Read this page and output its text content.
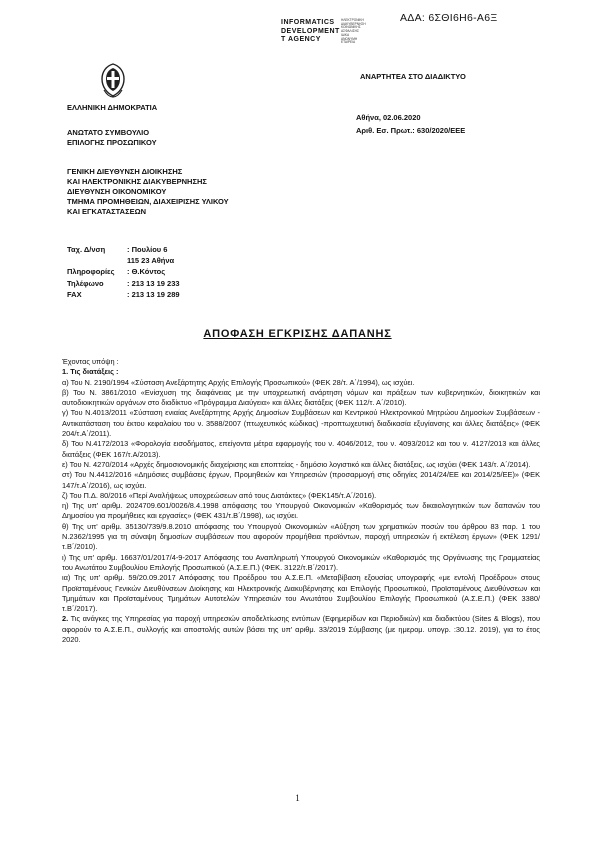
ΑΔΑ: 6ΣΘΙ6Η6-Α6Ξ
INFORMATICS
DEVELOPMENT
T AGENCY
ΗΛΕΚΤΡΟΝΙΚΗ
ΔΙΑΚΥΒΕΡΝΗΣΗ
ΚΟΙΝΩΝΙΚΗΣ
ΑΣΦΑΛΙΣΗΣ
ΙΔΙΚΑ
ΑΝΩΝΥΜΗ
ΕΤΑΙΡΕΙΑ
ΕΛΛΗΝΙΚΗ ΔΗΜΟΚΡΑΤΙΑ
ΑΝΑΡΤΗΤΕΑ ΣΤΟ ΔΙΑΔΙΚΤΥΟ
Αθήνα, 02.06.2020
Αριθ. Εσ. Πρωτ.: 630/2020/ΕΕΕ
ΑΝΩΤΑΤΟ ΣΥΜΒΟΥΛΙΟ
ΕΠΙΛΟΓΗΣ ΠΡΟΣΩΠΙΚΟΥ
ΓΕΝΙΚΗ ΔΙΕΥΘΥΝΣΗ ΔΙΟΙΚΗΣΗΣ
ΚΑΙ ΗΛΕΚΤΡΟΝΙΚΗΣ ΔΙΑΚΥΒΕΡΝΗΣΗΣ
ΔΙΕΥΘΥΝΣΗ ΟΙΚΟΝΟΜΙΚΟΥ
ΤΜΗΜΑ ΠΡΟΜΗΘΕΙΩΝ, ΔΙΑΧΕΙΡΙΣΗΣ ΥΛΙΚΟΥ
ΚΑΙ ΕΓΚΑΤΑΣΤΑΣΕΩΝ
Ταχ. Δ/νση	: Πουλίου 6
115 23 Αθήνα
Πληροφορίες	: Θ.Κόντος
Τηλέφωνο	: 213 13 19 233
FAX	: 213 13 19 289
ΑΠΟΦΑΣΗ ΕΓΚΡΙΣΗΣ ΔΑΠΑΝΗΣ

Έχοντας υπόψη :

1. Τις διατάξεις :

α) Του Ν. 2190/1994 «Σύσταση Ανεξάρτητης Αρχής Επιλογής Προσωπικού» (ΦΕΚ 28/τ. Α΄/1994), ως ισχύει.

β) Του Ν. 3861/2010 «Ενίσχυση της διαφάνειας με την υποχρεωτική ανάρτηση νόμων και πράξεων των κυβερνητικών, διοικητικών και αυτοδιοικητικών οργάνων στο διαδίκτυο «Πρόγραμμα Διαύγεια» και άλλες διατάξεις (ΦΕΚ 112/τ. Α΄/2010).

γ) Του Ν.4013/2011 «Σύσταση ενιαίας Ανεξάρτητης Αρχής Δημοσίων Συμβάσεων και Κεντρικού Ηλεκτρονικού Μητρώου Δημοσίων Συμβάσεων - Αντικατάσταση του έκτου κεφαλαίου του ν. 3588/2007 (πτωχευτικός κώδικας) -προπτωχευτική διαδικασία εξυγίανσης και άλλες διατάξεις» (ΦΕΚ 204/τ.Α΄/2011).

δ) Του Ν.4172/2013 «Φορολογία εισοδήματος, επείγοντα μέτρα εφαρμογής του ν. 4046/2012, του ν. 4093/2012 και του ν. 4127/2013 και άλλες διατάξεις (ΦΕΚ 167/τ.Α/2013).

ε) Του Ν. 4270/2014 «Αρχές δημοσιονομικής διαχείρισης και εποπτείας - δημόσιο λογιστικό και άλλες διατάξεις, ως ισχύει (ΦΕΚ 143/τ. Α΄/2014).

στ) Του Ν.4412/2016 «Δημόσιες συμβάσεις έργων, Προμηθειών και Υπηρεσιών (προσαρμογή στις οδηγίες 2014/24/ΕΕ και 2014/25/ΕΕ)» (ΦΕΚ 147/τ.Α΄/2016), ως ισχύει.

ζ) Του Π.Δ. 80/2016 «Περί Αναλήψεως υποχρεώσεων από τους Διατάκτες» (ΦΕΚ145/τ.Α΄/2016).

η) Της υπ' αριθμ. 2024709.601/0026/8.4.1998 απόφασης του Υπουργού Οικονομικών «Καθορισμός των δικαιολογητικών των δαπανών του Δημοσίου για προμήθειες και εργασίες» (ΦΕΚ 431/τ.Β΄/1998), ως ισχύει.

θ) Της υπ' αριθμ. 35130/739/9.8.2010 απόφασης του Υπουργού Οικονομικών «Αύξηση των χρηματικών ποσών του άρθρου 83 παρ. 1 του Ν.2362/1995 για τη σύναψη δημοσίων συμβάσεων που αφορούν προμήθεια προϊόντων, παροχή υπηρεσιών ή εκτέλεση έργων» (ΦΕΚ 1291/τ.Β΄/2010).

ι) Της υπ' αριθμ. 16637/01/2017/4-9-2017 Απόφασης του Αναπληρωτή Υπουργού Οικονομικών «Καθορισμός της Οργάνωσης της Γραμματείας του Ανωτάτου Συμβουλίου Επιλογής Προσωπικού (Α.Σ.Ε.Π.) (ΦΕΚ. 3122/τ.Β΄/2017).

ια) Της υπ' αριθμ. 59/20.09.2017 Απόφασης του Προέδρου του Α.Σ.Ε.Π. «Μεταβίβαση εξουσίας υπογραφής «με εντολή Προέδρου» στους Προϊσταμένους Γενικών Διευθύνσεων Διοίκησης και Ηλεκτρονικής Διακυβέρνησης και Επιλογής Προσωπικού, Προϊσταμένους Διευθύνσεων και Τμημάτων και Προϊσταμένους Τμημάτων Αυτοτελών Υπηρεσιών του Ανωτάτου Συμβουλίου Επιλογής Προσωπικού (Α.Σ.Ε.Π.) (ΦΕΚ 3380/τ.Β΄/2017).

2. Τις ανάγκες της Υπηρεσίας για παροχή υπηρεσιών αποδελτίωσης εντύπων (Εφημερίδων και Περιοδικών) και διαδικτύου (Sites & Blogs), που αφορούν το Α.Σ.Ε.Π., συλλογής και αποστολής αυτών βάσει της υπ' αριθμ. 33/2019 Σύμβασης (με ημερομ. υπογρ. :30.12. 2019), για το έτος 2020.

1
